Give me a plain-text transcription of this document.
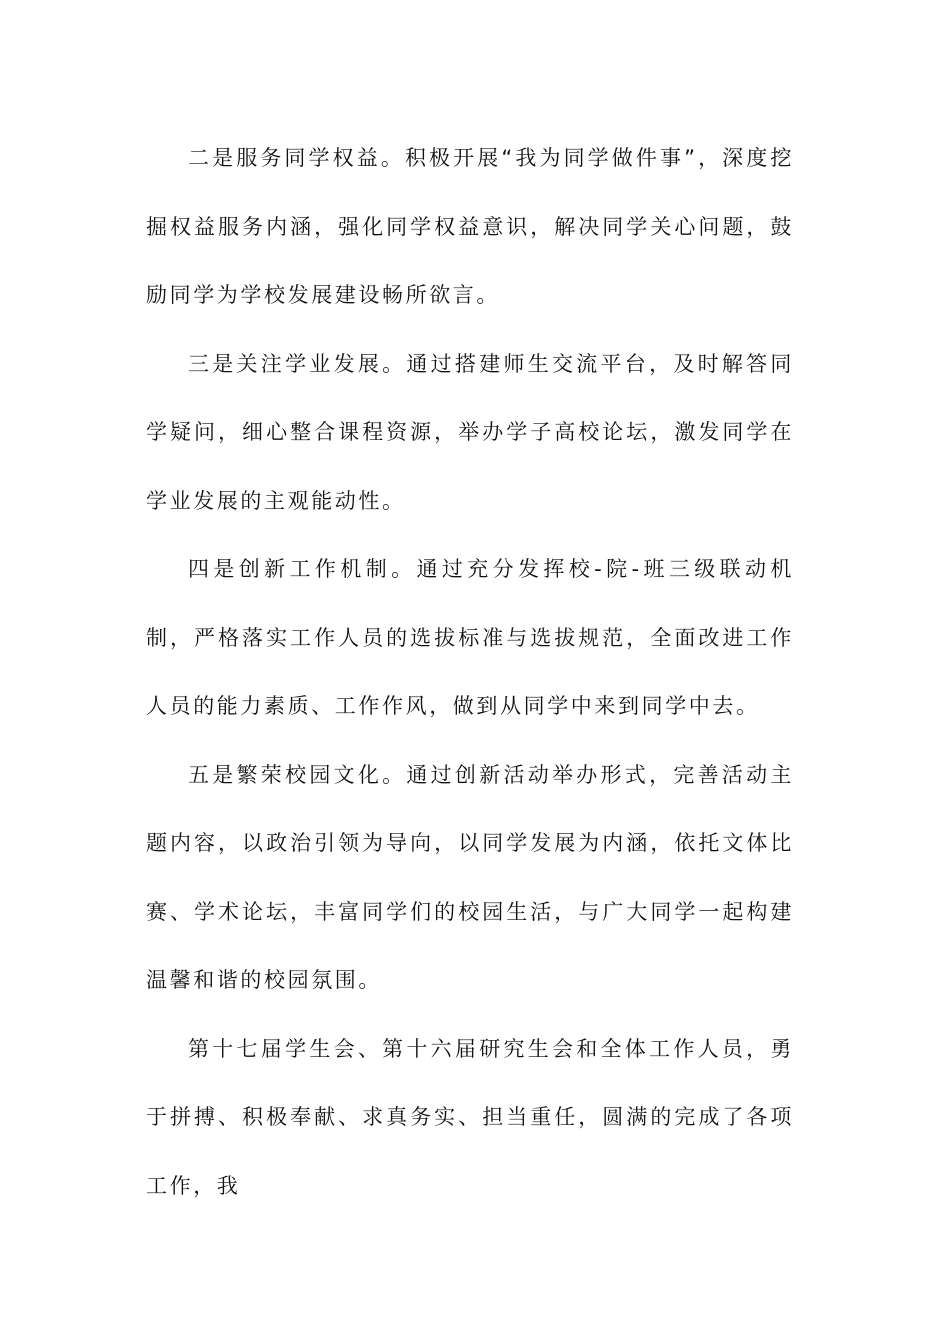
二是服务同学权益。积极开展“我为同学做件事”，深度挖掘权益服务内涵，强化同学权益意识，解决同学关心问题，鼓励同学为学校发展建设畅所欲言。

三是关注学业发展。通过搭建师生交流平台，及时解答同学疑问，细心整合课程资源，举办学子高校论坛，激发同学在学业发展的主观能动性。

四是创新工作机制。通过充分发挥校-院-班三级联动机制，严格落实工作人员的选拔标准与选拔规范，全面改进工作人员的能力素质、工作作风，做到从同学中来到同学中去。

五是繁荣校园文化。通过创新活动举办形式，完善活动主题内容，以政治引领为导向，以同学发展为内涵，依托文体比赛、学术论坛，丰富同学们的校园生活，与广大同学一起构建温馨和谐的校园氛围。

第十七届学生会、第十六届研究生会和全体工作人员，勇于拼搏、积极奉献、求真务实、担当重任，圆满的完成了各项工作，我
